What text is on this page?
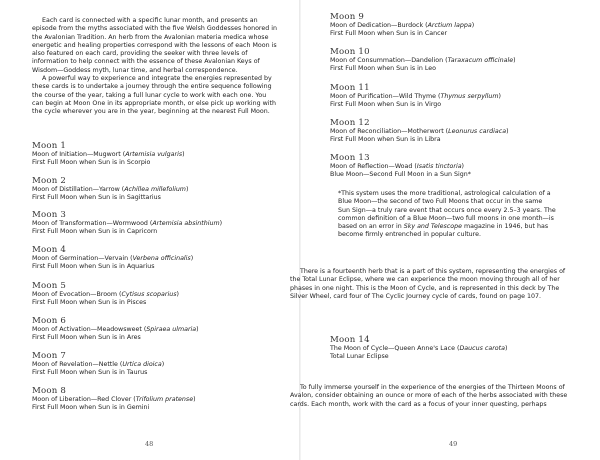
Each card is connected with a specific lunar month, and presents an episode from the myths associated with the five Welsh Goddesses honored in the Avalonian Tradition. An herb from the Avalonian materia medica whose energetic and healing properties correspond with the lessons of each Moon is also featured on each card, providing the seeker with three levels of information to help connect with the essence of these Avalonian Keys of Wisdom—Goddess myth, lunar time, and herbal correspondence.

A powerful way to experience and integrate the energies represented by these cards is to undertake a journey through the entire sequence following the course of the year, taking a full lunar cycle to work with each one. You can begin at Moon One in its appropriate month, or else pick up working with the cycle wherever you are in the year, beginning at the nearest Full Moon.

Moon 1
Moon of Initiation—Mugwort (Artemisia vulgaris)
First Full Moon when Sun is in Scorpio
Moon 2
Moon of Distillation—Yarrow (Achillea millefolium)
First Full Moon when Sun is in Sagittarius
Moon 3
Moon of Transformation—Wormwood (Artemisia absinthium)
First Full Moon when Sun is in Capricorn
Moon 4
Moon of Germination—Vervain (Verbena officinalis)
First Full Moon when Sun is in Aquarius
Moon 5
Moon of Evocation—Broom (Cytisus scoparius)
First Full Moon when Sun is in Pisces
Moon 6
Moon of Activation—Meadowsweet (Spiraea ulmaria)
First Full Moon when Sun is in Ares
Moon 7
Moon of Revelation—Nettle (Urtica dioica)
First Full Moon when Sun is in Taurus
Moon 8
Moon of Liberation—Red Clover (Trifolium pratense)
First Full Moon when Sun is in Gemini
48
Moon 9
Moon of Dedication—Burdock (Arctium lappa)
First Full Moon when Sun is in Cancer
Moon 10
Moon of Consummation—Dandelion (Taraxacum officinale)
First Full Moon when Sun is in Leo
Moon 11
Moon of Purification—Wild Thyme (Thymus serpyllum)
First Full Moon when Sun is in Virgo
Moon 12
Moon of Reconciliation—Motherwort (Leonurus cardiaca)
First Full Moon when Sun is in Libra
Moon 13
Moon of Reflection—Woad (Isatis tinctoria)
Blue Moon—Second Full Moon in a Sun Sign*

*This system uses the more traditional, astrological calculation of a Blue Moon—the second of two Full Moons that occur in the same Sun Sign—a truly rare event that occurs once every 2.5–3 years. The common definition of a Blue Moon—two full moons in one month—is based on an error in Sky and Telescope magazine in 1946, but has become firmly entrenched in popular culture.

There is a fourteenth herb that is a part of this system, representing the energies of the Total Lunar Eclipse, where we can experience the moon moving through all of her phases in one night. This is the Moon of Cycle, and is represented in this deck by The Silver Wheel, card four of The Cyclic Journey cycle of cards, found on page 107.

Moon 14
The Moon of Cycle—Queen Anne's Lace (Daucus carota)
Total Lunar Eclipse

To fully immerse yourself in the experience of the energies of the Thirteen Moons of Avalon, consider obtaining an ounce or more of each of the herbs associated with these cards. Each month, work with the card as a focus of your inner questing, perhaps

49
